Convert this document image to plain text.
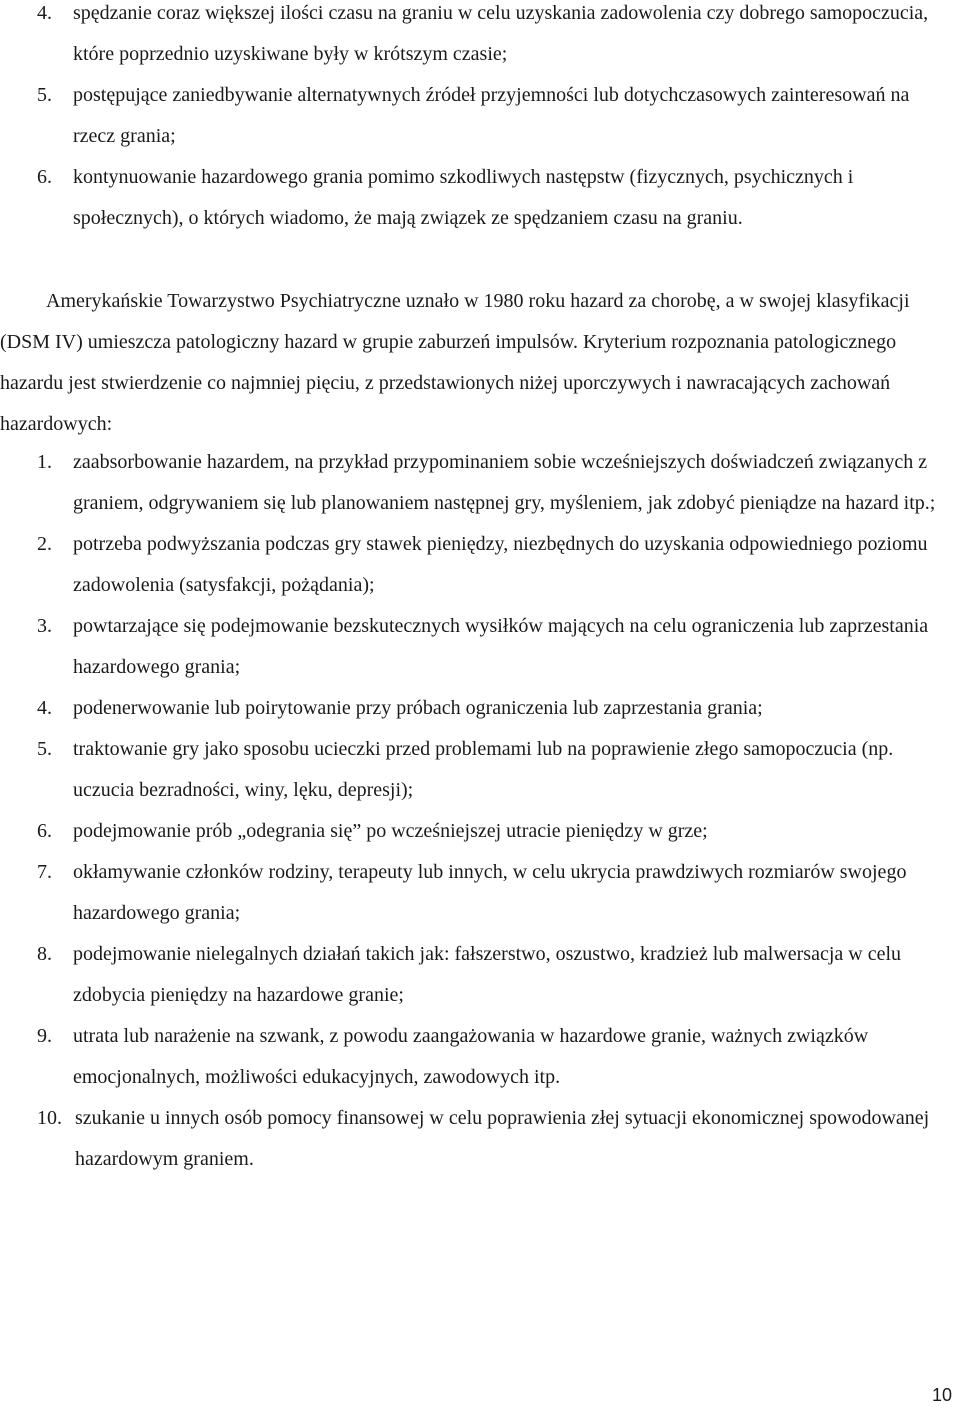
4. spędzanie coraz większej ilości czasu na graniu w celu uzyskania zadowolenia czy dobrego samopoczucia, które poprzednio uzyskiwane były w krótszym czasie;
5. postępujące zaniedbywanie alternatywnych źródeł przyjemności lub dotychczasowych zainteresowań na rzecz grania;
6. kontynuowanie hazardowego grania pomimo szkodliwych następstw (fizycznych, psychicznych i społecznych), o których wiadomo, że mają związek ze spędzaniem czasu na graniu.
Amerykańskie Towarzystwo Psychiatryczne uznało w 1980 roku hazard za chorobę, a w swojej klasyfikacji (DSM IV) umieszcza patologiczny hazard w grupie zaburzeń impulsów. Kryterium rozpoznania patologicznego hazardu jest stwierdzenie co najmniej pięciu, z przedstawionych niżej uporczywych i nawracających zachowań hazardowych:
1. zaabsorbowanie hazardem, na przykład przypominaniem sobie wcześniejszych doświadczeń związanych z graniem, odgrywaniem się lub planowaniem następnej gry, myśleniem, jak zdobyć pieniądze na hazard itp.;
2. potrzeba podwyższania podczas gry stawek pieniędzy, niezbędnych do uzyskania odpowiedniego poziomu zadowolenia (satysfakcji, pożądania);
3. powtarzające się podejmowanie bezskutecznych wysiłków mających na celu ograniczenia lub zaprzestania hazardowego grania;
4. podenerwowanie lub poirytowanie przy próbach ograniczenia lub zaprzestania grania;
5. traktowanie gry jako sposobu ucieczki przed problemami lub na poprawienie złego samopoczucia (np. uczucia bezradności, winy, lęku, depresji);
6. podejmowanie prób „odegrania się” po wcześniejszej utracie pieniędzy w grze;
7. okłamywanie członków rodziny, terapeuty lub innych, w celu ukrycia prawdziwych rozmiarów swojego hazardowego grania;
8. podejmowanie nielegalnych działań takich jak: fałszerstwo, oszustwo, kradzież lub malwersacja w celu zdobycia pieniędzy na hazardowe granie;
9. utrata lub narażenie na szwank, z powodu zaangażowania w hazardowe granie, ważnych związków emocjonalnych, możliwości edukacyjnych, zawodowych itp.
10. szukanie u innych osób pomocy finansowej w celu poprawienia złej sytuacji ekonomicznej spowodowanej hazardowym graniem.
10
